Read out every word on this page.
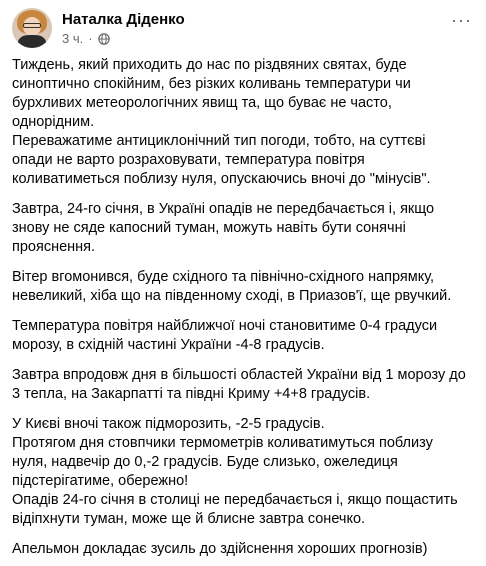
Наталка Діденко
3 ч. ·
···

Тиждень, який приходить до нас по різдвяних святах, буде
синоптично спокійним, без різких коливань температури чи
бурхливих метеорологічних явищ та, що буває не часто,
однорідним.
Переважатиме антициклонічний тип погоди, тобто, на суттєві
опади не варто розраховувати, температура повітря
коливатиметься поблизу нуля, опускаючись вночі до "мінусів".

Завтра, 24-го січня, в Україні опадів не передбачається і, якщо
знову не сяде капосний туман, можуть навіть бути сонячні
прояснення.

Вітер вгомонився, буде східного та північно-східного напрямку,
невеликий, хіба що на південному сході, в Приазов'ї, ще рвучкий.

Температура повітря найближчої ночі становитиме 0-4 градуси
морозу, в східній частині України -4-8 градусів.

Завтра впродовж дня в більшості областей України від 1 морозу до
3 тепла, на Закарпатті та півдні Криму +4+8 градусів.

У Києві вночі також підморозить, -2-5 градусів.
Протягом дня стовпчики термометрів коливатимуться поблизу
нуля, надвечір до 0,-2 градусів. Буде слизько, ожеледиця
підстерігатиме, обережно!
Опадів 24-го січня в столиці не передбачається і, якщо пощастить
відіпхнути туман, може ще й блисне завтра сонечко.

Апельмон докладає зусиль до здійснення хороших прогнозів)
